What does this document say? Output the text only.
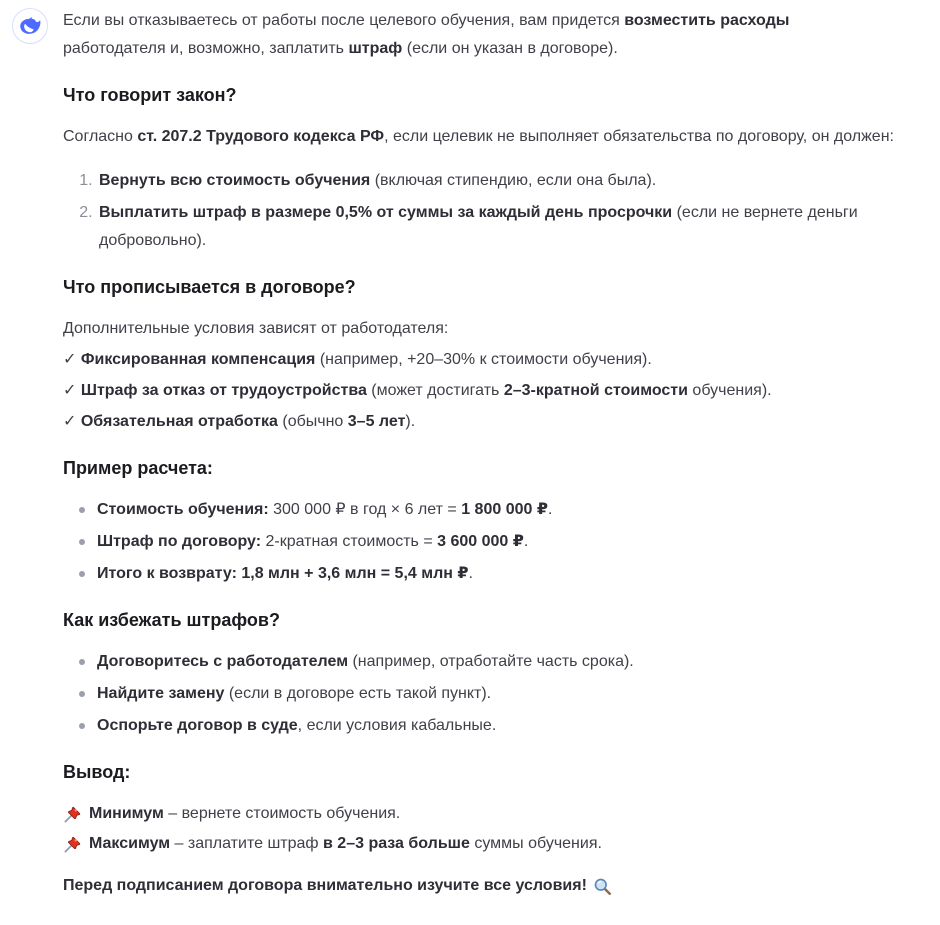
Если вы отказываетесь от работы после целевого обучения, вам придется возместить расходы работодателя и, возможно, заплатить штраф (если он указан в договоре).

Что говорит закон?

Согласно ст. 207.2 Трудового кодекса РФ, если целевик не выполняет обязательства по договору, он должен:

1. Вернуть всю стоимость обучения (включая стипендию, если она была).
2. Выплатить штраф в размере 0,5% от суммы за каждый день просрочки (если не вернете деньги добровольно).
Что прописывается в договоре?

Дополнительные условия зависят от работодателя:

✓ Фиксированная компенсация (например, +20–30% к стоимости обучения).

✓ Штраф за отказ от трудоустройства (может достигать 2–3-кратной стоимости обучения).

✓ Обязательная отработка (обычно 3–5 лет).

Пример расчета:
Стоимость обучения: 300 000 ₽ в год × 6 лет = 1 800 000 ₽.
Штраф по договору: 2-кратная стоимость = 3 600 000 ₽.
Итого к возврату: 1,8 млн + 3,6 млн = 5,4 млн ₽.
Как избежать штрафов?
Договоритесь с работодателем (например, отработайте часть срока).
Найдите замену (если в договоре есть такой пункт).
Оспорьте договор в суде, если условия кабальные.
Вывод:

Минимум – вернете стоимость обучения.

Максимум – заплатите штраф в 2–3 раза больше суммы обучения.

Перед подписанием договора внимательно изучите все условия!
